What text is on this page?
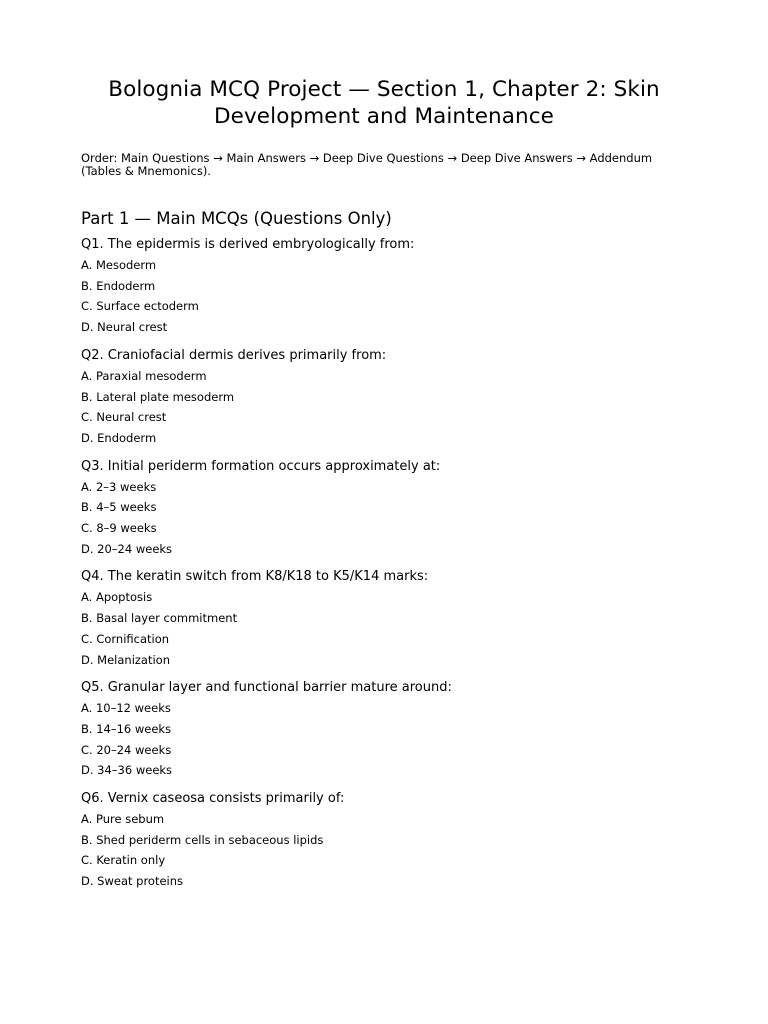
Bolognia MCQ Project — Section 1, Chapter 2: Skin Development and Maintenance

Order: Main Questions → Main Answers → Deep Dive Questions → Deep Dive Answers → Addendum (Tables & Mnemonics).

Part 1 — Main MCQs (Questions Only)

Q1. The epidermis is derived embryologically from:

A. Mesoderm
B. Endoderm
C. Surface ectoderm
D. Neural crest

Q2. Craniofacial dermis derives primarily from:

A. Paraxial mesoderm
B. Lateral plate mesoderm
C. Neural crest
D. Endoderm

Q3. Initial periderm formation occurs approximately at:

A. 2–3 weeks
B. 4–5 weeks
C. 8–9 weeks
D. 20–24 weeks

Q4. The keratin switch from K8/K18 to K5/K14 marks:

A. Apoptosis
B. Basal layer commitment
C. Cornification
D. Melanization

Q5. Granular layer and functional barrier mature around:

A. 10–12 weeks
B. 14–16 weeks
C. 20–24 weeks
D. 34–36 weeks

Q6. Vernix caseosa consists primarily of:

A. Pure sebum
B. Shed periderm cells in sebaceous lipids
C. Keratin only
D. Sweat proteins
